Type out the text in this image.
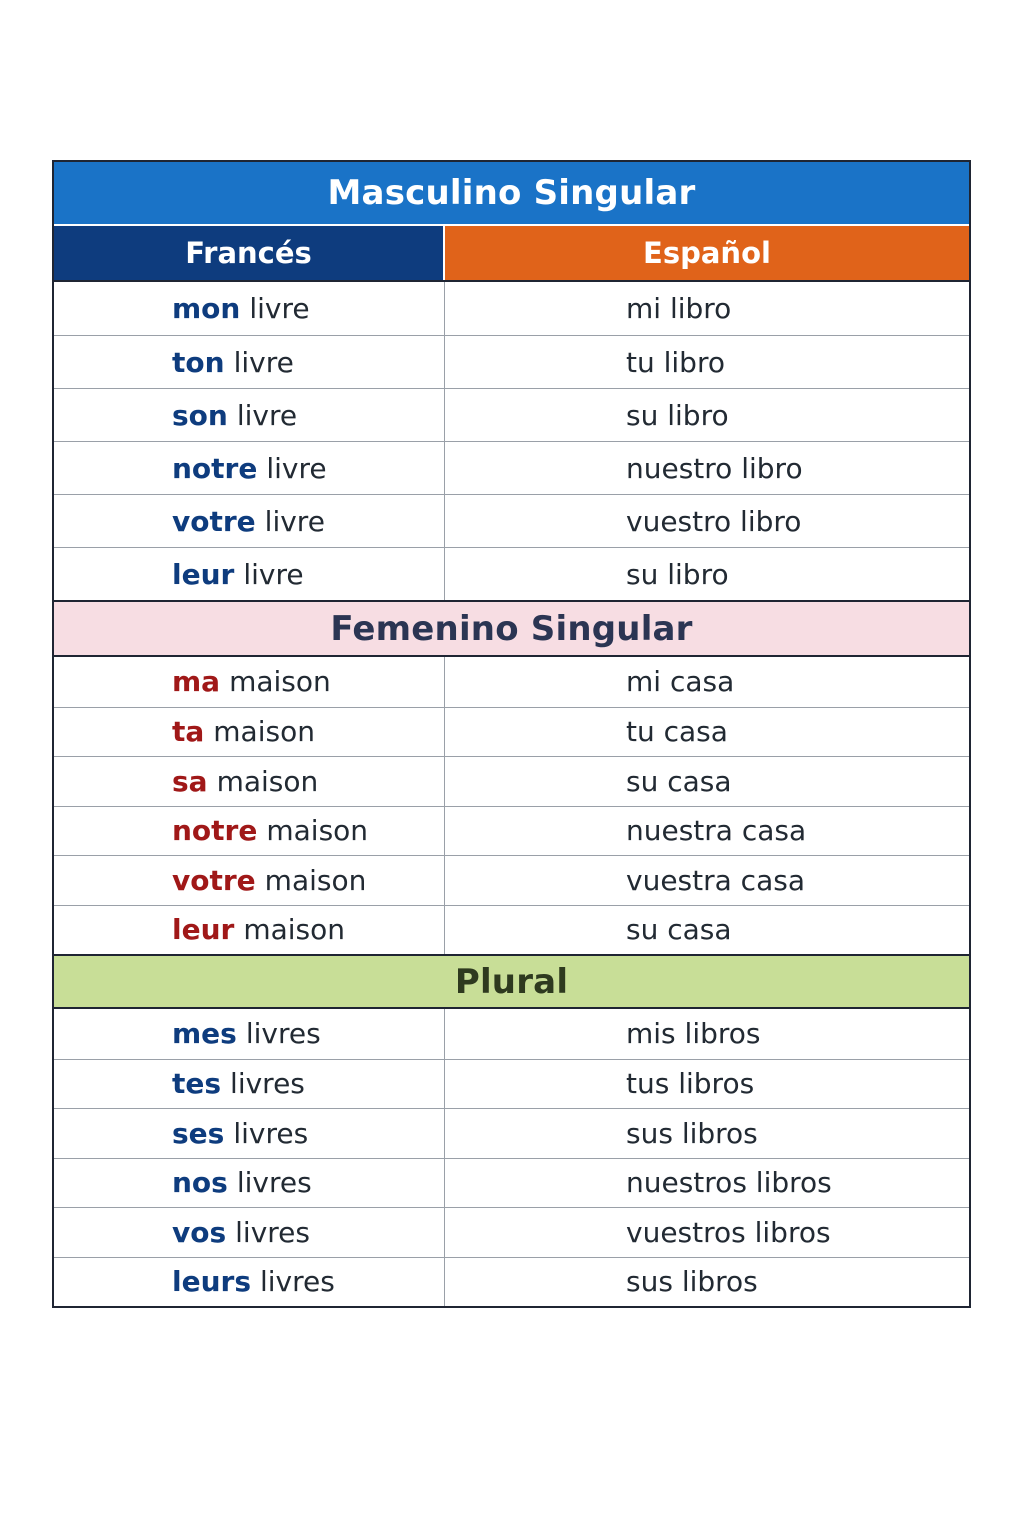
Masculino Singular
Francés	Español
mon livre	mi libro
ton livre	tu libro
son livre	su libro
notre livre	nuestro libro
votre livre	vuestro libro
leur livre	su libro
Femenino Singular
ma maison	mi casa
ta maison	tu casa
sa maison	su casa
notre maison	nuestra casa
votre maison	vuestra casa
leur maison	su casa
Plural
mes livres	mis libros
tes livres	tus libros
ses livres	sus libros
nos livres	nuestros libros
vos livres	vuestros libros
leurs livres	sus libros
